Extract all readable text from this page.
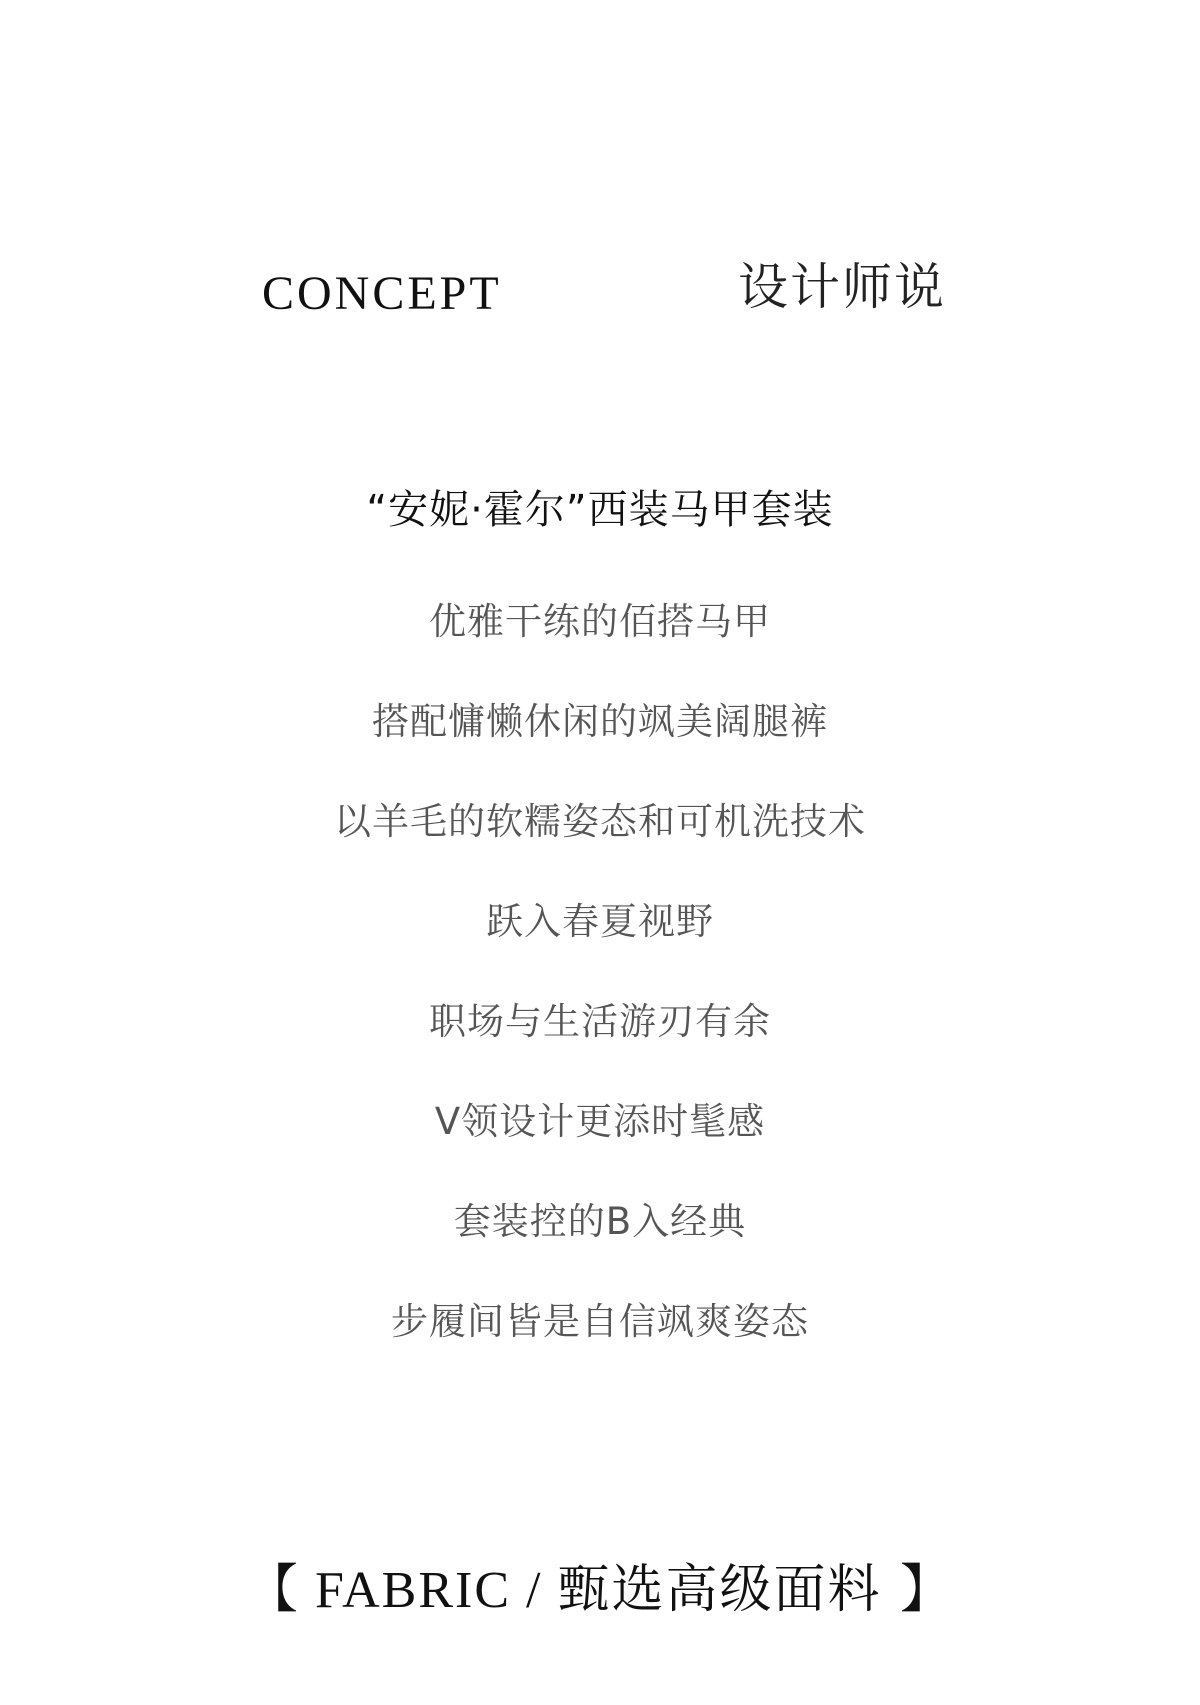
CONCEPT	设计师说
“安妮·霍尔”西装马甲套装
优雅干练的佰搭马甲
搭配慵懒休闲的飒美阔腿裤
以羊毛的软糯姿态和可机洗技术
跃入春夏视野
职场与生活游刃有余
V领设计更添时髦感
套装控的B入经典
步履间皆是自信飒爽姿态
【 FABRIC / 甄选高级面料 】
